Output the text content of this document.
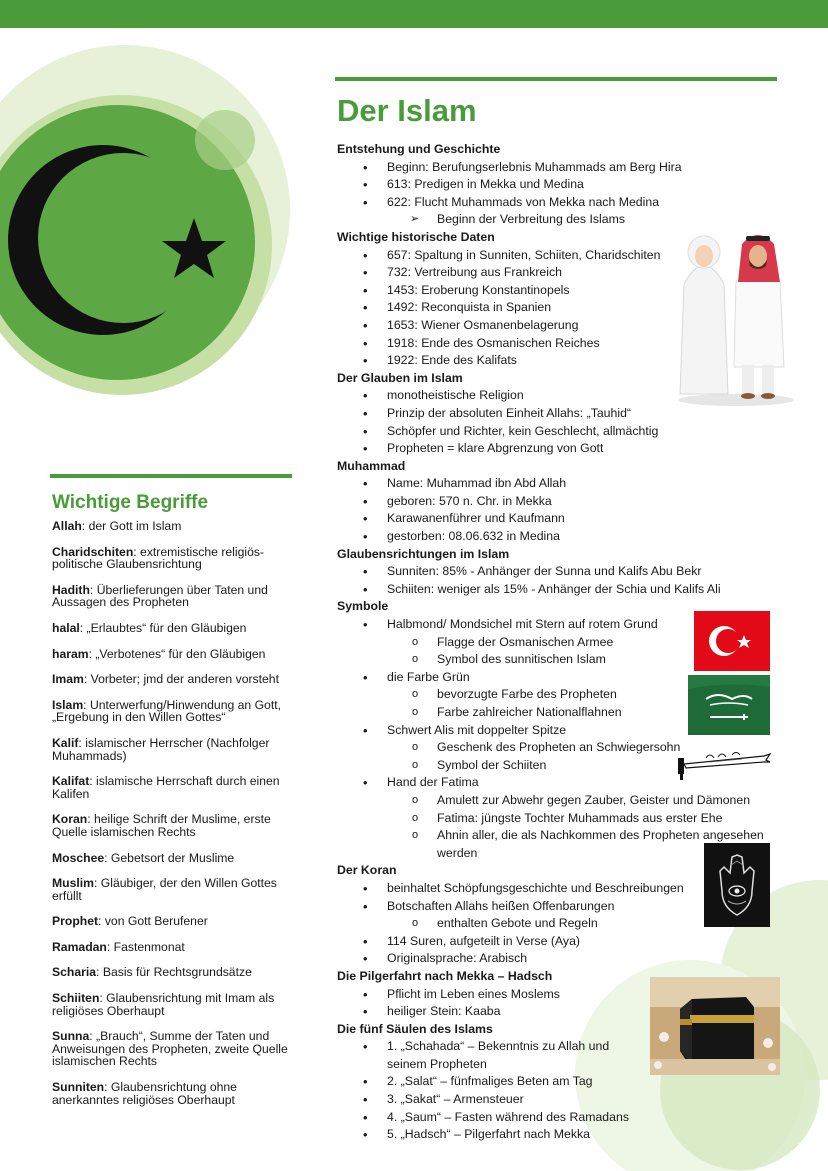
Der Islam
Wichtige Begriffe
Allah: der Gott im Islam
Charidschiten: extremistische religiös-politische Glaubensrichtung
Hadith: Überlieferungen über Taten und Aussagen des Propheten
halal: „Erlaubtes“ für den Gläubigen
haram: „Verbotenes“ für den Gläubigen
Imam: Vorbeter; jmd der anderen vorsteht
Islam: Unterwerfung/Hinwendung an Gott, „Ergebung in den Willen Gottes“
Kalif: islamischer Herrscher (Nachfolger Muhammads)
Kalifat: islamische Herrschaft durch einen Kalifen
Koran: heilige Schrift der Muslime, erste Quelle islamischen Rechts
Moschee: Gebetsort der Muslime
Muslim: Gläubiger, der den Willen Gottes erfüllt
Prophet: von Gott Berufener
Ramadan: Fastenmonat
Scharia: Basis für Rechtsgrundsätze
Schiiten: Glaubensrichtung mit Imam als religiöses Oberhaupt
Sunna: „Brauch“, Summe der Taten und Anweisungen des Propheten, zweite Quelle islamischen Rechts
Sunniten: Glaubensrichtung ohne anerkanntes religiöses Oberhaupt
Entstehung und Geschichte
• Beginn: Berufungserlebnis Muhammads am Berg Hira
• 613: Predigen in Mekka und Medina
• 622: Flucht Muhammads von Mekka nach Medina
➢ Beginn der Verbreitung des Islams
Wichtige historische Daten
• 657: Spaltung in Sunniten, Schiiten, Charidschiten
• 732: Vertreibung aus Frankreich
• 1453: Eroberung Konstantinopels
• 1492: Reconquista in Spanien
• 1653: Wiener Osmanenbelagerung
• 1918: Ende des Osmanischen Reiches
• 1922: Ende des Kalifats
Der Glauben im Islam
• monotheistische Religion
• Prinzip der absoluten Einheit Allahs: „Tauhid“
• Schöpfer und Richter, kein Geschlecht, allmächtig
• Propheten = klare Abgrenzung von Gott
Muhammad
• Name: Muhammad ibn Abd Allah
• geboren: 570 n. Chr. in Mekka
• Karawanenführer und Kaufmann
• gestorben: 08.06.632 in Medina
Glaubensrichtungen im Islam
• Sunniten: 85% - Anhänger der Sunna und Kalifs Abu Bekr
• Schiiten: weniger als 15% - Anhänger der Schia und Kalifs Ali
Symbole
• Halbmond/ Mondsichel mit Stern auf rotem Grund
o Flagge der Osmanischen Armee
o Symbol des sunnitischen Islam
• die Farbe Grün
o bevorzugte Farbe des Propheten
o Farbe zahlreicher Nationalflahnen
• Schwert Alis mit doppelter Spitze
o Geschenk des Propheten an Schwiegersohn
o Symbol der Schiiten
• Hand der Fatima
o Amulett zur Abwehr gegen Zauber, Geister und Dämonen
o Fatima: jüngste Tochter Muhammads aus erster Ehe
o Ahnin aller, die als Nachkommen des Propheten angesehen werden
Der Koran
• beinhaltet Schöpfungsgeschichte und Beschreibungen
• Botschaften Allahs heißen Offenbarungen
o enthalten Gebote und Regeln
• 114 Suren, aufgeteilt in Verse (Aya)
• Originalsprache: Arabisch
Die Pilgerfahrt nach Mekka – Hadsch
• Pflicht im Leben eines Moslems
• heiliger Stein: Kaaba
Die fünf Säulen des Islams
• 1. „Schahada“ – Bekenntnis zu Allah und seinem Propheten
• 2. „Salat“ – fünfmaliges Beten am Tag
• 3. „Sakat“ – Armensteuer
• 4. „Saum“ – Fasten während des Ramadans
• 5. „Hadsch“ – Pilgerfahrt nach Mekka
